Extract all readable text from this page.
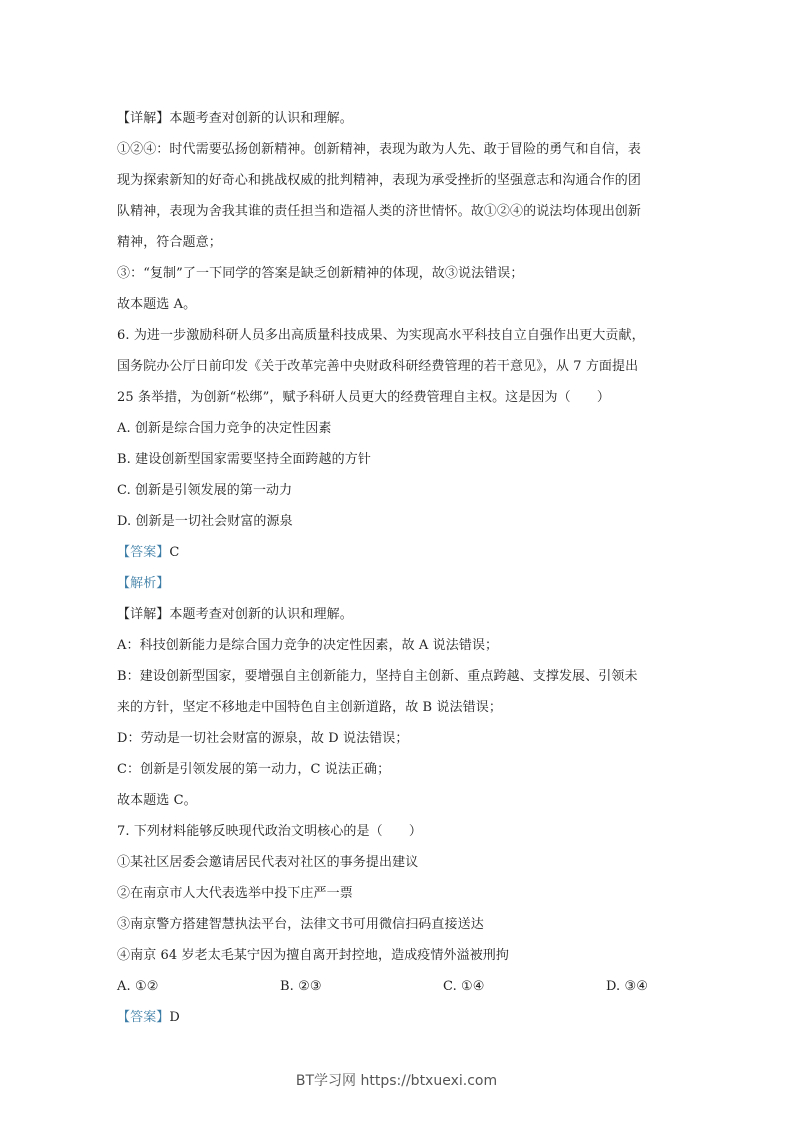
【详解】本题考查对创新的认识和理解。
①②④：时代需要弘扬创新精神。创新精神，表现为敢为人先、敢于冒险的勇气和自信，表
现为探索新知的好奇心和挑战权威的批判精神，表现为承受挫折的坚强意志和沟通合作的团
队精神，表现为舍我其谁的责任担当和造福人类的济世情怀。故①②④的说法均体现出创新
精神，符合题意；
③：“复制”了一下同学的答案是缺乏创新精神的体现，故③说法错误；
故本题选 A。
6. 为进一步激励科研人员多出高质量科技成果、为实现高水平科技自立自强作出更大贡献，
国务院办公厅日前印发《关于改革完善中央财政科研经费管理的若干意见》，从 7 方面提出
25 条举措，为创新“松绑”，赋予科研人员更大的经费管理自主权。这是因为（　　）
A. 创新是综合国力竞争的决定性因素
B. 建设创新型国家需要坚持全面跨越的方针
C. 创新是引领发展的第一动力
D. 创新是一切社会财富的源泉
【答案】C
【解析】
【详解】本题考查对创新的认识和理解。
A：科技创新能力是综合国力竞争的决定性因素，故 A 说法错误；
B：建设创新型国家，要增强自主创新能力，坚持自主创新、重点跨越、支撑发展、引领未
来的方针，坚定不移地走中国特色自主创新道路，故 B 说法错误；
D：劳动是一切社会财富的源泉，故 D 说法错误；
C：创新是引领发展的第一动力，C 说法正确；
故本题选 C。
7. 下列材料能够反映现代政治文明核心的是（　　）
①某社区居委会邀请居民代表对社区的事务提出建议
②在南京市人大代表选举中投下庄严一票
③南京警方搭建智慧执法平台，法律文书可用微信扫码直接送达
④南京 64 岁老太毛某宁因为擅自离开封控地，造成疫情外溢被刑拘
A. ①②	B. ②③	C. ①④	D. ③④
【答案】D
BT学习网 https://btxuexi.com
